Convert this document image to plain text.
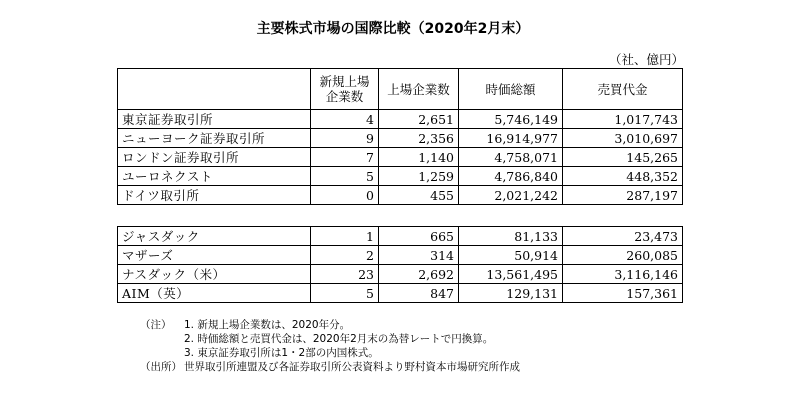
主要株式市場の国際比較（2020年2月末）
（社、億円）
	新規上場
企業数	上場企業数	時価総額	売買代金
東京証券取引所	4	2,651	5,746,149	1,017,743
ニューヨーク証券取引所	9	2,356	16,914,977	3,010,697
ロンドン証券取引所	7	1,140	4,758,071	145,265
ユーロネクスト	5	1,259	4,786,840	448,352
ドイツ取引所	0	455	2,021,242	287,197
ジャスダック	1	665	81,133	23,473
マザーズ	2	314	50,914	260,085
ナスダック（米）	23	2,692	13,561,495	3,116,146
AIM（英）	5	847	129,131	157,361
（注）	1. 新規上場企業数は、2020年分。
2. 時価総額と売買代金は、2020年2月末の為替レートで円換算。
3. 東京証券取引所は1・2部の内国株式。
（出所） 世界取引所連盟及び各証券取引所公表資料より野村資本市場研究所作成
